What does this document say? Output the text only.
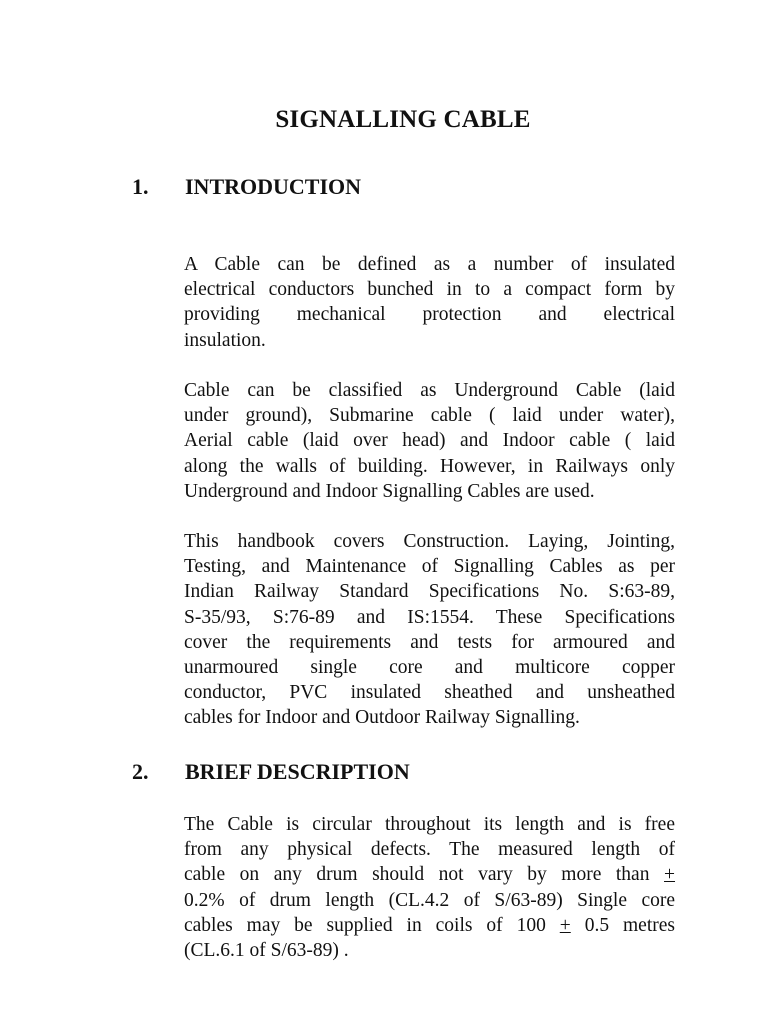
SIGNALLING CABLE
1. INTRODUCTION

A Cable can be defined as a number of insulated
electrical conductors bunched in to a compact form by
providing mechanical protection and electrical
insulation.

Cable can be classified as Underground Cable (laid
under ground), Submarine cable ( laid under water),
Aerial cable (laid over head) and Indoor cable ( laid
along the walls of building. However, in Railways only
Underground and Indoor Signalling Cables are used.

This handbook covers Construction. Laying, Jointing,
Testing, and Maintenance of Signalling Cables as per
Indian Railway Standard Specifications No. S:63-89,
S-35/93, S:76-89 and IS:1554. These Specifications
cover the requirements and tests for armoured and
unarmoured single core and multicore copper
conductor, PVC insulated sheathed and unsheathed
cables for Indoor and Outdoor Railway Signalling.

2. BRIEF DESCRIPTION

The Cable is circular throughout its length and is free
from any physical defects. The measured length of
cable on any drum should not vary by more than +
0.2% of drum length (CL.4.2 of S/63-89) Single core
cables may be supplied in coils of 100 + 0.5 metres
(CL.6.1 of S/63-89) .
